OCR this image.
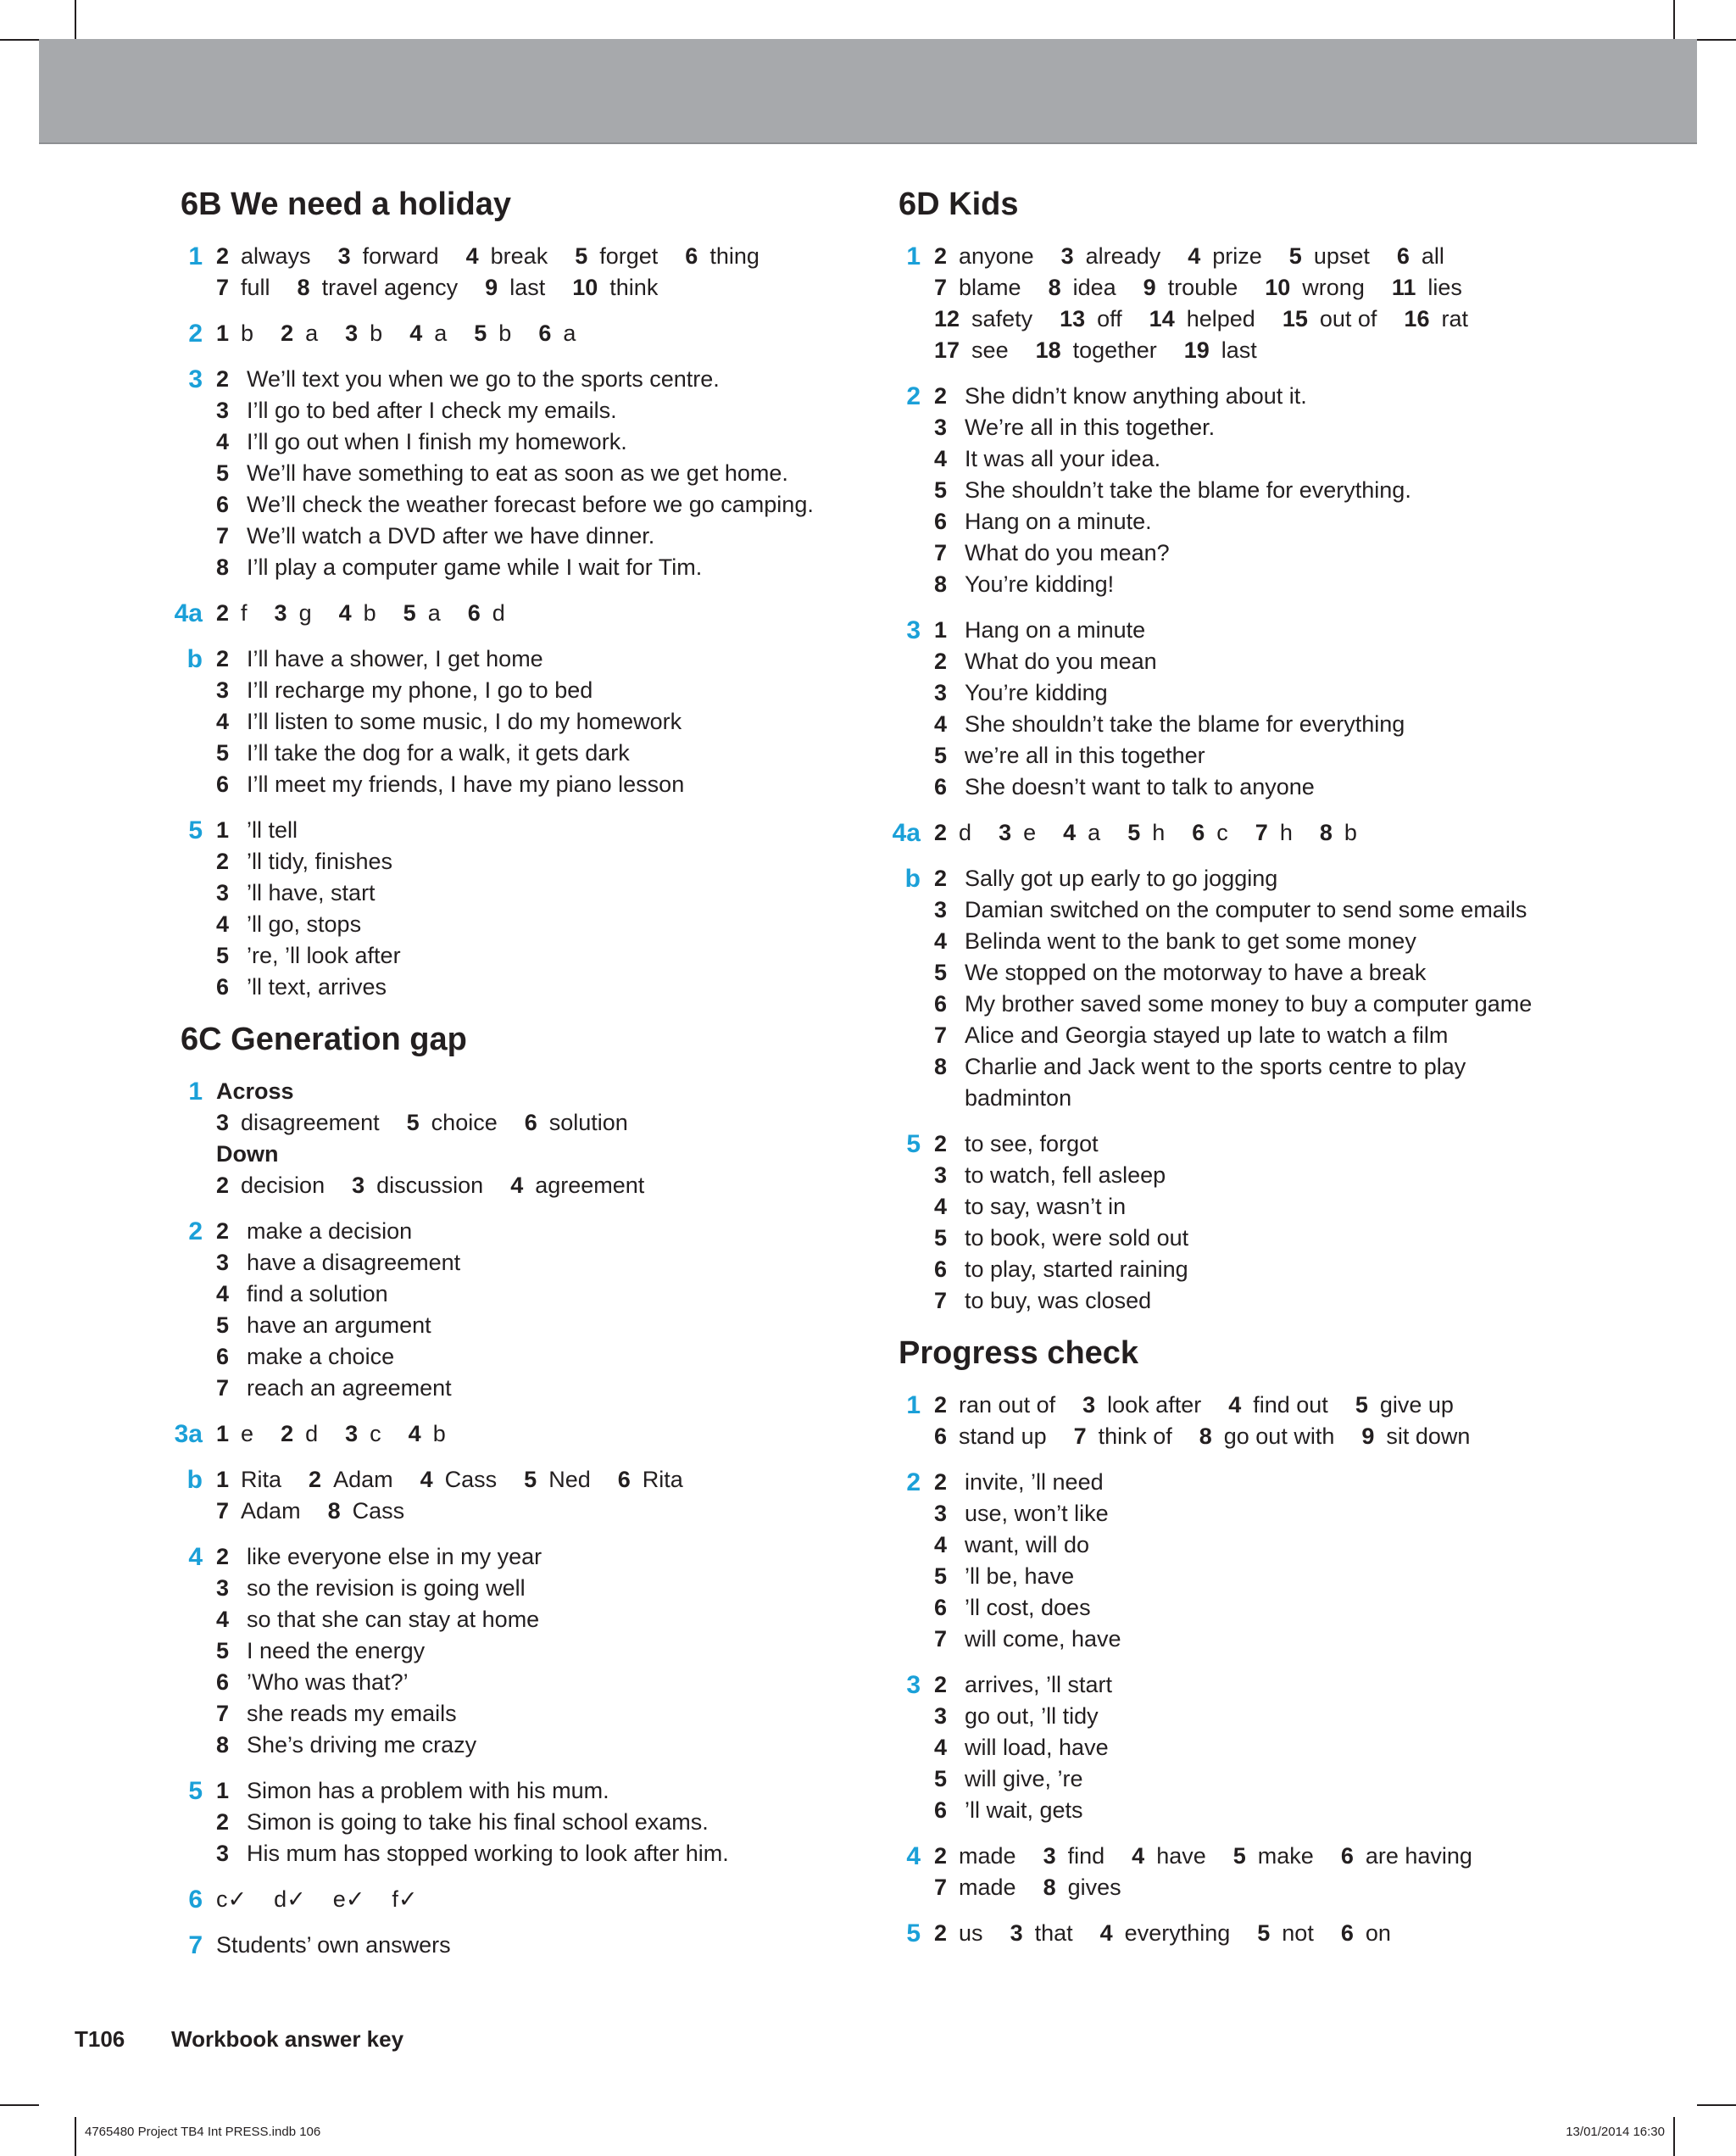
6B We need a holiday
1 2 always 3 forward 4 break 5 forget 6 thing
7 full 8 travel agency 9 last 10 think
2 1 b 2 a 3 b 4 a 5 b 6 a
3 2 We’ll text you when we go to the sports centre.
3 I’ll go to bed after I check my emails.
4 I’ll go out when I finish my homework.
5 We’ll have something to eat as soon as we get home.
6 We’ll check the weather forecast before we go camping.
7 We’ll watch a DVD after we have dinner.
8 I’ll play a computer game while I wait for Tim.
4a 2 f 3 g 4 b 5 a 6 d
b 2 I’ll have a shower, I get home
3 I’ll recharge my phone, I go to bed
4 I’ll listen to some music, I do my homework
5 I’ll take the dog for a walk, it gets dark
6 I’ll meet my friends, I have my piano lesson
5 1 ’ll tell
2 ’ll tidy, finishes
3 ’ll have, start
4 ’ll go, stops
5 ’re, ’ll look after
6 ’ll text, arrives
6C Generation gap
1 Across
3 disagreement 5 choice 6 solution
Down
2 decision 3 discussion 4 agreement
2 2 make a decision
3 have a disagreement
4 find a solution
5 have an argument
6 make a choice
7 reach an agreement
3a 1 e 2 d 3 c 4 b
b 1 Rita 2 Adam 4 Cass 5 Ned 6 Rita
7 Adam 8 Cass
4 2 like everyone else in my year
3 so the revision is going well
4 so that she can stay at home
5 I need the energy
6 ’Who was that?’
7 she reads my emails
8 She’s driving me crazy
5 1 Simon has a problem with his mum.
2 Simon is going to take his final school exams.
3 His mum has stopped working to look after him.
6 c✓ d✓ e✓ f✓
7 Students’ own answers
6D Kids
1 2 anyone 3 already 4 prize 5 upset 6 all
7 blame 8 idea 9 trouble 10 wrong 11 lies
12 safety 13 off 14 helped 15 out of 16 rat
17 see 18 together 19 last
2 2 She didn’t know anything about it.
3 We’re all in this together.
4 It was all your idea.
5 She shouldn’t take the blame for everything.
6 Hang on a minute.
7 What do you mean?
8 You’re kidding!
3 1 Hang on a minute
2 What do you mean
3 You’re kidding
4 She shouldn’t take the blame for everything
5 we’re all in this together
6 She doesn’t want to talk to anyone
4a 2 d 3 e 4 a 5 h 6 c 7 h 8 b
b 2 Sally got up early to go jogging
3 Damian switched on the computer to send some emails
4 Belinda went to the bank to get some money
5 We stopped on the motorway to have a break
6 My brother saved some money to buy a computer game
7 Alice and Georgia stayed up late to watch a film
8 Charlie and Jack went to the sports centre to play
badminton
5 2 to see, forgot
3 to watch, fell asleep
4 to say, wasn’t in
5 to book, were sold out
6 to play, started raining
7 to buy, was closed
Progress check
1 2 ran out of 3 look after 4 find out 5 give up
6 stand up 7 think of 8 go out with 9 sit down
2 2 invite, ’ll need
3 use, won’t like
4 want, will do
5 ’ll be, have
6 ’ll cost, does
7 will come, have
3 2 arrives, ’ll start
3 go out, ’ll tidy
4 will load, have
5 will give, ’re
6 ’ll wait, gets
4 2 made 3 find 4 have 5 make 6 are having
7 made 8 gives
5 2 us 3 that 4 everything 5 not 6 on
T106 Workbook answer key
4765480 Project TB4 Int PRESS.indb 106	13/01/2014 16:30
